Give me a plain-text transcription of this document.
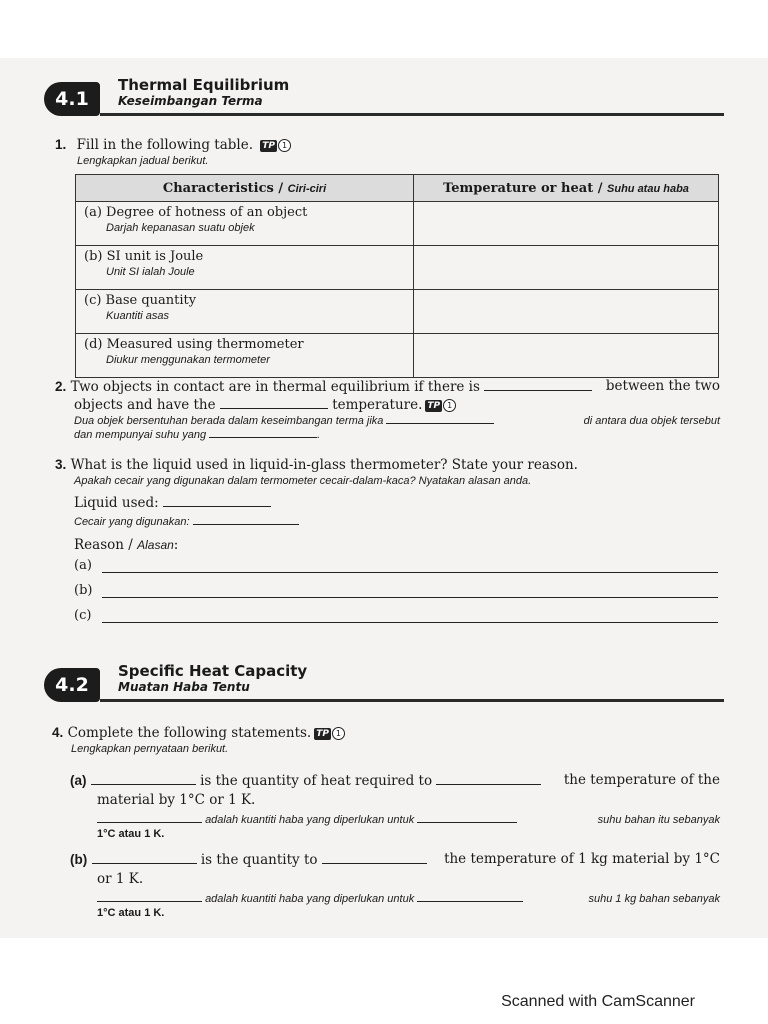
4.1
Thermal Equilibrium
Keseimbangan Terma
1. Fill in the following table. TP 1
Lengkapkan jadual berikut.
Characteristics / Ciri-ciri	Temperature or heat / Suhu atau haba
(a) Degree of hotness of an object
Darjah kepanasan suatu objek	

(b) SI unit is Joule
Unit SI ialah Joule	

(c) Base quantity
Kuantiti asas	

(d) Measured using thermometer
Diukur menggunakan termometer	

2. Two objects in contact are in thermal equilibrium if there is	between the two
objects and have the	temperature. TP 1
Dua objek bersentuhan berada dalam keseimbangan terma jika	di antara dua objek tersebut
dan mempunyai suhu yang	.
3. What is the liquid used in liquid-in-glass thermometer? State your reason.
Apakah cecair yang digunakan dalam termometer cecair-dalam-kaca? Nyatakan alasan anda.
Liquid used:
Cecair yang digunakan:
Reason / Alasan:
(a)
(b)
(c)
4.2
Specific Heat Capacity
Muatan Haba Tentu
4. Complete the following statements. TP 1
Lengkapkan pernyataan berikut.
(a)	is the quantity of heat required to	the temperature of the
material by 1°C or 1 K.
adalah kuantiti haba yang diperlukan untuk	suhu bahan itu sebanyak
1°C atau 1 K.
(b)	is the quantity to	the temperature of 1 kg material by 1°C
or 1 K.
adalah kuantiti haba yang diperlukan untuk	suhu 1 kg bahan sebanyak
1°C atau 1 K.
Scanned with CamScanner
